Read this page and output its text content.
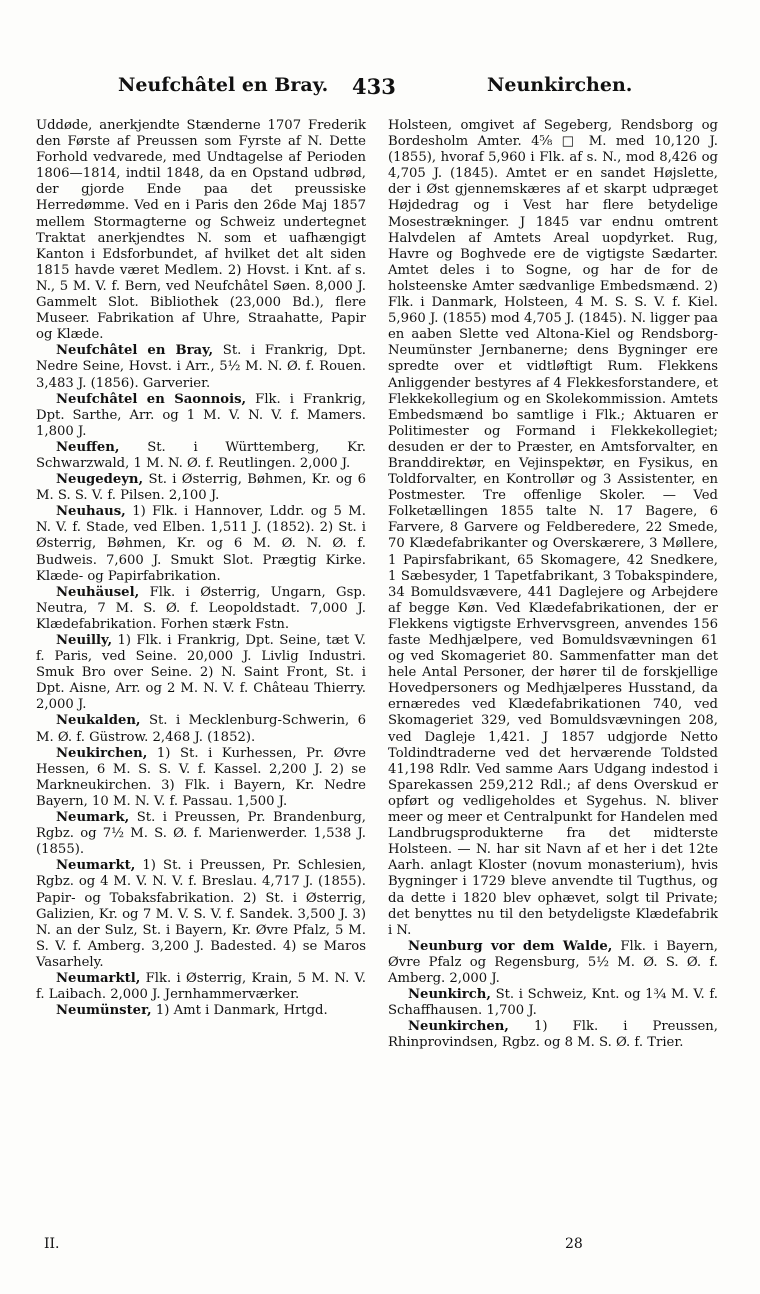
Neufchâtel en Bray. 433	Neunkirchen.

Uddøde, anerkjendte Stænderne 1707 Frederik den Første af Preussen som Fyrste af N. Dette Forhold vedvarede, med Undtagelse af Perioden 1806—1814, indtil 1848, da en Opstand udbrød, der gjorde Ende paa det preussiske Herredømme. Ved en i Paris den 26de Maj 1857 mellem Stormagterne og Schweiz undertegnet Traktat anerkjendtes N. som et uafhængigt Kanton i Edsforbundet, af hvilket det alt siden 1815 havde været Medlem. 2) Hovst. i Knt. af s. N., 5 M. V. f. Bern, ved Neufchâtel Søen. 8,000 J. Gammelt Slot. Bibliothek (23,000 Bd.), flere Museer. Fabrikation af Uhre, Straahatte, Papir og Klæde.

Neufchâtel en Bray, St. i Frankrig, Dpt. Nedre Seine, Hovst. i Arr., 5½ M. N. Ø. f. Rouen. 3,483 J. (1856). Garverier.

Neufchâtel en Saonnois, Flk. i Frankrig, Dpt. Sarthe, Arr. og 1 M. V. N. V. f. Mamers. 1,800 J.

Neuffen, St. i Württemberg, Kr. Schwarzwald, 1 M. N. Ø. f. Reutlingen. 2,000 J.

Neugedeyn, St. i Østerrig, Bøhmen, Kr. og 6 M. S. S. V. f. Pilsen. 2,100 J.

Neuhaus, 1) Flk. i Hannover, Lddr. og 5 M. N. V. f. Stade, ved Elben. 1,511 J. (1852). 2) St. i Østerrig, Bøhmen, Kr. og 6 M. Ø. N. Ø. f. Budweis. 7,600 J. Smukt Slot. Prægtig Kirke. Klæde- og Papirfabrikation.

Neuhäusel, Flk. i Østerrig, Ungarn, Gsp. Neutra, 7 M. S. Ø. f. Leopoldstadt. 7,000 J. Klædefabrikation. Forhen stærk Fstn.

Neuilly, 1) Flk. i Frankrig, Dpt. Seine, tæt V. f. Paris, ved Seine. 20,000 J. Livlig Industri. Smuk Bro over Seine. 2) N. Saint Front, St. i Dpt. Aisne, Arr. og 2 M. N. V. f. Château Thierry. 2,000 J.

Neukalden, St. i Mecklenburg-Schwerin, 6 M. Ø. f. Güstrow. 2,468 J. (1852).

Neukirchen, 1) St. i Kurhessen, Pr. Øvre Hessen, 6 M. S. S. V. f. Kassel. 2,200 J. 2) se Markneukirchen. 3) Flk. i Bayern, Kr. Nedre Bayern, 10 M. N. V. f. Passau. 1,500 J.

Neumark, St. i Preussen, Pr. Brandenburg, Rgbz. og 7½ M. S. Ø. f. Marienwerder. 1,538 J. (1855).

Neumarkt, 1) St. i Preussen, Pr. Schlesien, Rgbz. og 4 M. V. N. V. f. Breslau. 4,717 J. (1855). Papir- og Tobaksfabrikation. 2) St. i Østerrig, Galizien, Kr. og 7 M. V. S. V. f. Sandek. 3,500 J. 3) N. an der Sulz, St. i Bayern, Kr. Øvre Pfalz, 5 M. S. V. f. Amberg. 3,200 J. Badested. 4) se Maros Vasarhely.

Neumarktl, Flk. i Østerrig, Krain, 5 M. N. V. f. Laibach. 2,000 J. Jernhammerværker.

Neumünster, 1) Amt i Danmark, Hrtgd.

Holsteen, omgivet af Segeberg, Rendsborg og Bordesholm Amter. 4⁵⁄₈ □ M. med 10,120 J. (1855), hvoraf 5,960 i Flk. af s. N., mod 8,426 og 4,705 J. (1845). Amtet er en sandet Højslette, der i Øst gjennemskæres af et skarpt udpræget Højdedrag og i Vest har flere betydelige Mosestrækninger. J 1845 var endnu omtrent Halvdelen af Amtets Areal uopdyrket. Rug, Havre og Boghvede ere de vigtigste Sædarter. Amtet deles i to Sogne, og har de for de holsteenske Amter sædvanlige Embedsmænd. 2) Flk. i Danmark, Holsteen, 4 M. S. S. V. f. Kiel. 5,960 J. (1855) mod 4,705 J. (1845). N. ligger paa en aaben Slette ved Altona-Kiel og Rendsborg-Neumünster Jernbanerne; dens Bygninger ere spredte over et vidtløftigt Rum. Flekkens Anliggender bestyres af 4 Flekkesforstandere, et Flekkekollegium og en Skolekommission. Amtets Embedsmænd bo samtlige i Flk.; Aktuaren er Politimester og Formand i Flekkekollegiet; desuden er der to Præster, en Amtsforvalter, en Branddirektør, en Vejinspektør, en Fysikus, en Toldforvalter, en Kontrollør og 3 Assistenter, en Postmester. Tre offenlige Skoler. — Ved Folketællingen 1855 talte N. 17 Bagere, 6 Farvere, 8 Garvere og Feldberedere, 22 Smede, 70 Klædefabrikanter og Overskærere, 3 Møllere, 1 Papirsfabrikant, 65 Skomagere, 42 Snedkere, 1 Sæbesyder, 1 Tapetfabrikant, 3 Tobakspindere, 34 Bomuldsvævere, 441 Daglejere og Arbejdere af begge Køn. Ved Klædefabrikationen, der er Flekkens vigtigste Erhvervsgreen, anvendes 156 faste Medhjælpere, ved Bomuldsvævningen 61 og ved Skomageriet 80. Sammenfatter man det hele Antal Personer, der hører til de forskjellige Hovedpersoners og Medhjælperes Husstand, da ernæredes ved Klædefabrikationen 740, ved Skomageriet 329, ved Bomuldsvævningen 208, ved Dagleje 1,421. J 1857 udgjorde Netto Toldindtraderne ved det herværende Toldsted 41,198 Rdlr. Ved samme Aars Udgang indestod i Sparekassen 259,212 Rdl.; af dens Overskud er opført og vedligeholdes et Sygehus. N. bliver meer og meer et Centralpunkt for Handelen med Landbrugsprodukterne fra det midterste Holsteen. — N. har sit Navn af et her i det 12te Aarh. anlagt Kloster (novum monasterium), hvis Bygninger i 1729 bleve anvendte til Tugthus, og da dette i 1820 blev ophævet, solgt til Private; det benyttes nu til den betydeligste Klædefabrik i N.

Neunburg vor dem Walde, Flk. i Bayern, Øvre Pfalz og Regensburg, 5½ M. Ø. S. Ø. f. Amberg. 2,000 J.

Neunkirch, St. i Schweiz, Knt. og 1¾ M. V. f. Schaffhausen. 1,700 J.

Neunkirchen, 1) Flk. i Preussen, Rhinprovindsen, Rgbz. og 8 M. S. Ø. f. Trier.

II.	28
